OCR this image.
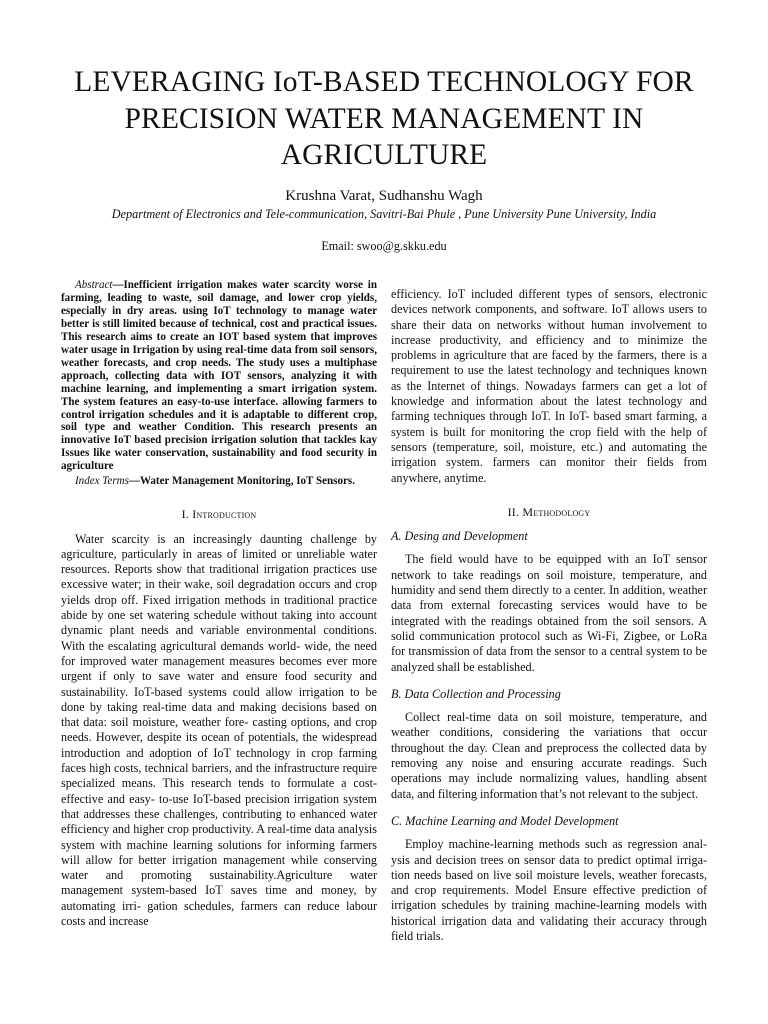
LEVERAGING IoT-BASED TECHNOLOGY FOR PRECISION WATER MANAGEMENT IN AGRICULTURE
Krushna Varat, Sudhanshu Wagh
Department of Electronics and Tele-communication, Savitri-Bai Phule , Pune University Pune University, India
Email: swoo@g.skku.edu

Abstract—Inefficient irrigation makes water scarcity worse in farming, leading to waste, soil damage, and lower crop yields, especially in dry areas. using IoT technology to manage water better is still limited because of technical, cost and practical issues. This research aims to create an IOT based system that improves water usage in Irrigation by using real-time data from soil sensors, weather forecasts, and crop needs. The study uses a multiphase approach, collecting data with IOT sensors, analyzing it with machine learning, and implementing a smart irrigation system. The system features an easy-to-use interface. allowing farmers to control irrigation schedules and it is adaptable to different crop, soil type and weather Condition. This research presents an innovative IoT based precision irrigation solution that tackles kay Issues like water conservation, sustainability and food security in agriculture

Index Terms—Water Management Monitoring, IoT Sensors.

I. Introduction

Water scarcity is an increasingly daunting challenge by agriculture, particularly in areas of limited or unreliable water resources. Reports show that traditional irrigation practices use excessive water; in their wake, soil degradation occurs and crop yields drop off. Fixed irrigation methods in traditional practice abide by one set watering schedule without taking into account dynamic plant needs and variable environmental conditions. With the escalating agricultural demands world- wide, the need for improved water management measures becomes ever more urgent if only to save water and ensure food security and sustainability. IoT-based systems could allow irrigation to be done by taking real-time data and making decisions based on that data: soil moisture, weather fore- casting options, and crop needs. However, despite its ocean of potentials, the widespread introduction and adoption of IoT technology in crop farming faces high costs, technical barriers, and the infrastructure require specialized means. This research tends to formulate a cost-effective and easy- to-use IoT-based precision irrigation system that addresses these challenges, contributing to enhanced water efficiency and higher crop productivity. A real-time data analysis system with machine learning solutions for informing farmers will allow for better irrigation management while conserving water and promoting sustainability.Agriculture water management system-based IoT saves time and money, by automating irri- gation schedules, farmers can reduce labour costs and increase

efficiency. IoT included different types of sensors, electronic devices network components, and software. IoT allows users to share their data on networks without human involvement to increase productivity, and efficiency and to minimize the problems in agriculture that are faced by the farmers, there is a requirement to use the latest technology and techniques known as the Internet of things. Nowadays farmers can get a lot of knowledge and information about the latest technology and farming techniques through IoT. In IoT- based smart farming, a system is built for monitoring the crop field with the help of sensors (temperature, soil, moisture, etc.) and automating the irrigation system. farmers can monitor their fields from anywhere, anytime.

II. Methodology
A. Desing and Development

The field would have to be equipped with an IoT sensor network to take readings on soil moisture, temperature, and humidity and send them directly to a center. In addition, weather data from external forecasting services would have to be integrated with the readings obtained from the soil sensors. A solid communication protocol such as Wi-Fi, Zigbee, or LoRa for transmission of data from the sensor to a central system to be analyzed shall be established.

B. Data Collection and Processing

Collect real-time data on soil moisture, temperature, and weather conditions, considering the variations that occur throughout the day. Clean and preprocess the collected data by removing any noise and ensuring accurate readings. Such operations may include normalizing values, handling absent data, and filtering information that’s not relevant to the subject.

C. Machine Learning and Model Development

Employ machine-learning methods such as regression anal- ysis and decision trees on sensor data to predict optimal irriga- tion needs based on live soil moisture levels, weather forecasts, and crop requirements. Model Ensure effective prediction of irrigation schedules by training machine-learning models with historical irrigation data and validating their accuracy through field trials.
